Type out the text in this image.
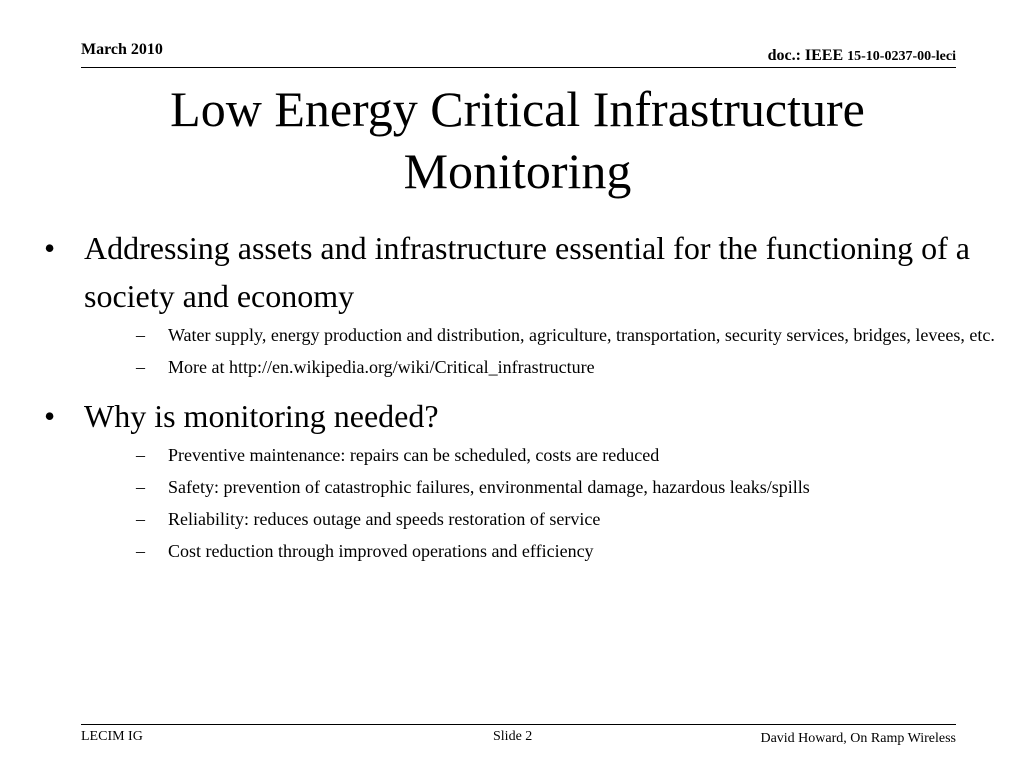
March 2010	doc.: IEEE 15-10-0237-00-leci
Low Energy Critical Infrastructure
Monitoring
• Addressing assets and infrastructure essential for the functioning of a society and economy
– Water supply, energy production and distribution, agriculture, transportation, security services, bridges, levees, etc.
– More at http://en.wikipedia.org/wiki/Critical_infrastructure
• Why is monitoring needed?
– Preventive maintenance: repairs can be scheduled, costs are reduced
– Safety: prevention of catastrophic failures, environmental damage, hazardous leaks/spills
– Reliability: reduces outage and speeds restoration of service
– Cost reduction through improved operations and efficiency
LECIM IG	Slide 2	David Howard, On Ramp Wireless
